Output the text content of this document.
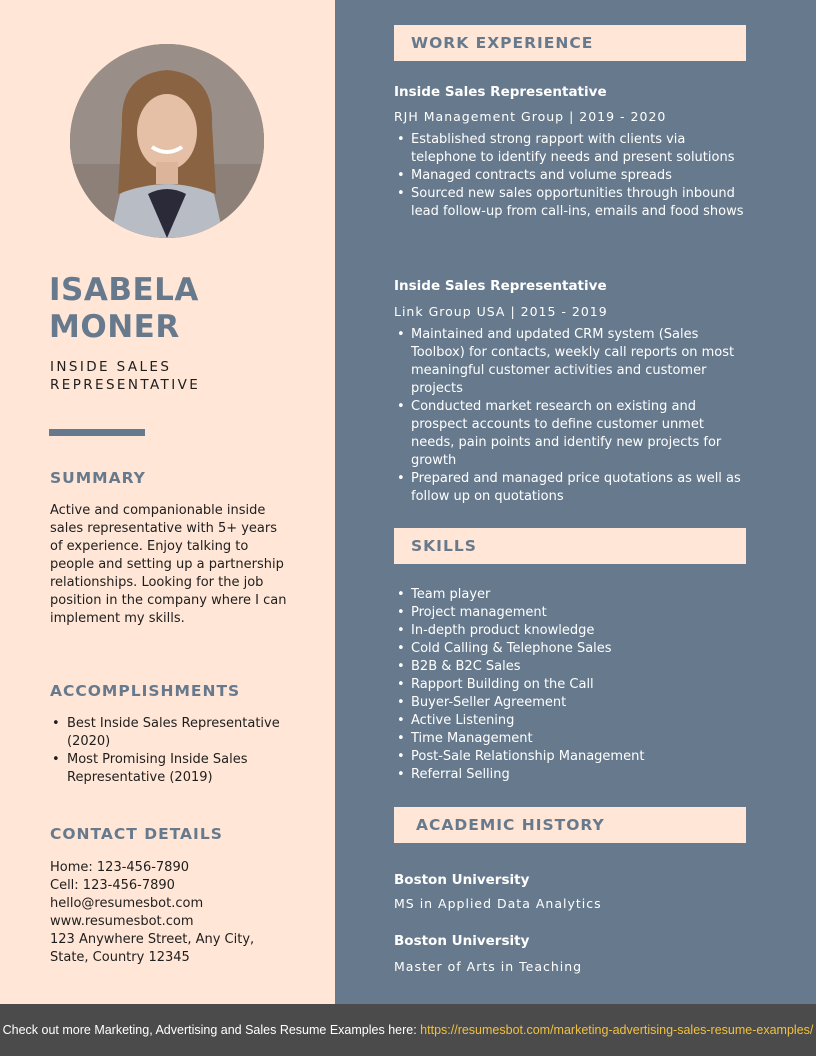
ISABELA
MONER
INSIDE SALES
REPRESENTATIVE
SUMMARY
Active and companionable inside sales representative with 5+ years of experience. Enjoy talking to people and setting up a partnership relationships. Looking for the job position in the company where I can implement my skills.
ACCOMPLISHMENTS
• Best Inside Sales Representative (2020)
• Most Promising Inside Sales Representative (2019)
CONTACT DETAILS
Home: 123-456-7890
Cell: 123-456-7890
hello@resumesbot.com
www.resumesbot.com
123 Anywhere Street, Any City,
State, Country 12345
WORK EXPERIENCE
Inside Sales Representative
RJH Management Group | 2019 - 2020
• Established strong rapport with clients via telephone to identify needs and present solutions
• Managed contracts and volume spreads
• Sourced new sales opportunities through inbound lead follow-up from call-ins, emails and food shows
Inside Sales Representative
Link Group USA | 2015 - 2019
• Maintained and updated CRM system (Sales Toolbox) for contacts, weekly call reports on most meaningful customer activities and customer projects
• Conducted market research on existing and prospect accounts to define customer unmet needs, pain points and identify new projects for growth
• Prepared and managed price quotations as well as follow up on quotations
SKILLS
• Team player
• Project management
• In-depth product knowledge
• Cold Calling & Telephone Sales
• B2B & B2C Sales
• Rapport Building on the Call
• Buyer-Seller Agreement
• Active Listening
• Time Management
• Post-Sale Relationship Management
• Referral Selling
ACADEMIC HISTORY
Boston University
MS in Applied Data Analytics
Boston University
Master of Arts in Teaching
Check out more Marketing, Advertising and Sales Resume Examples here: https://resumesbot.com/marketing-advertising-sales-resume-examples/
